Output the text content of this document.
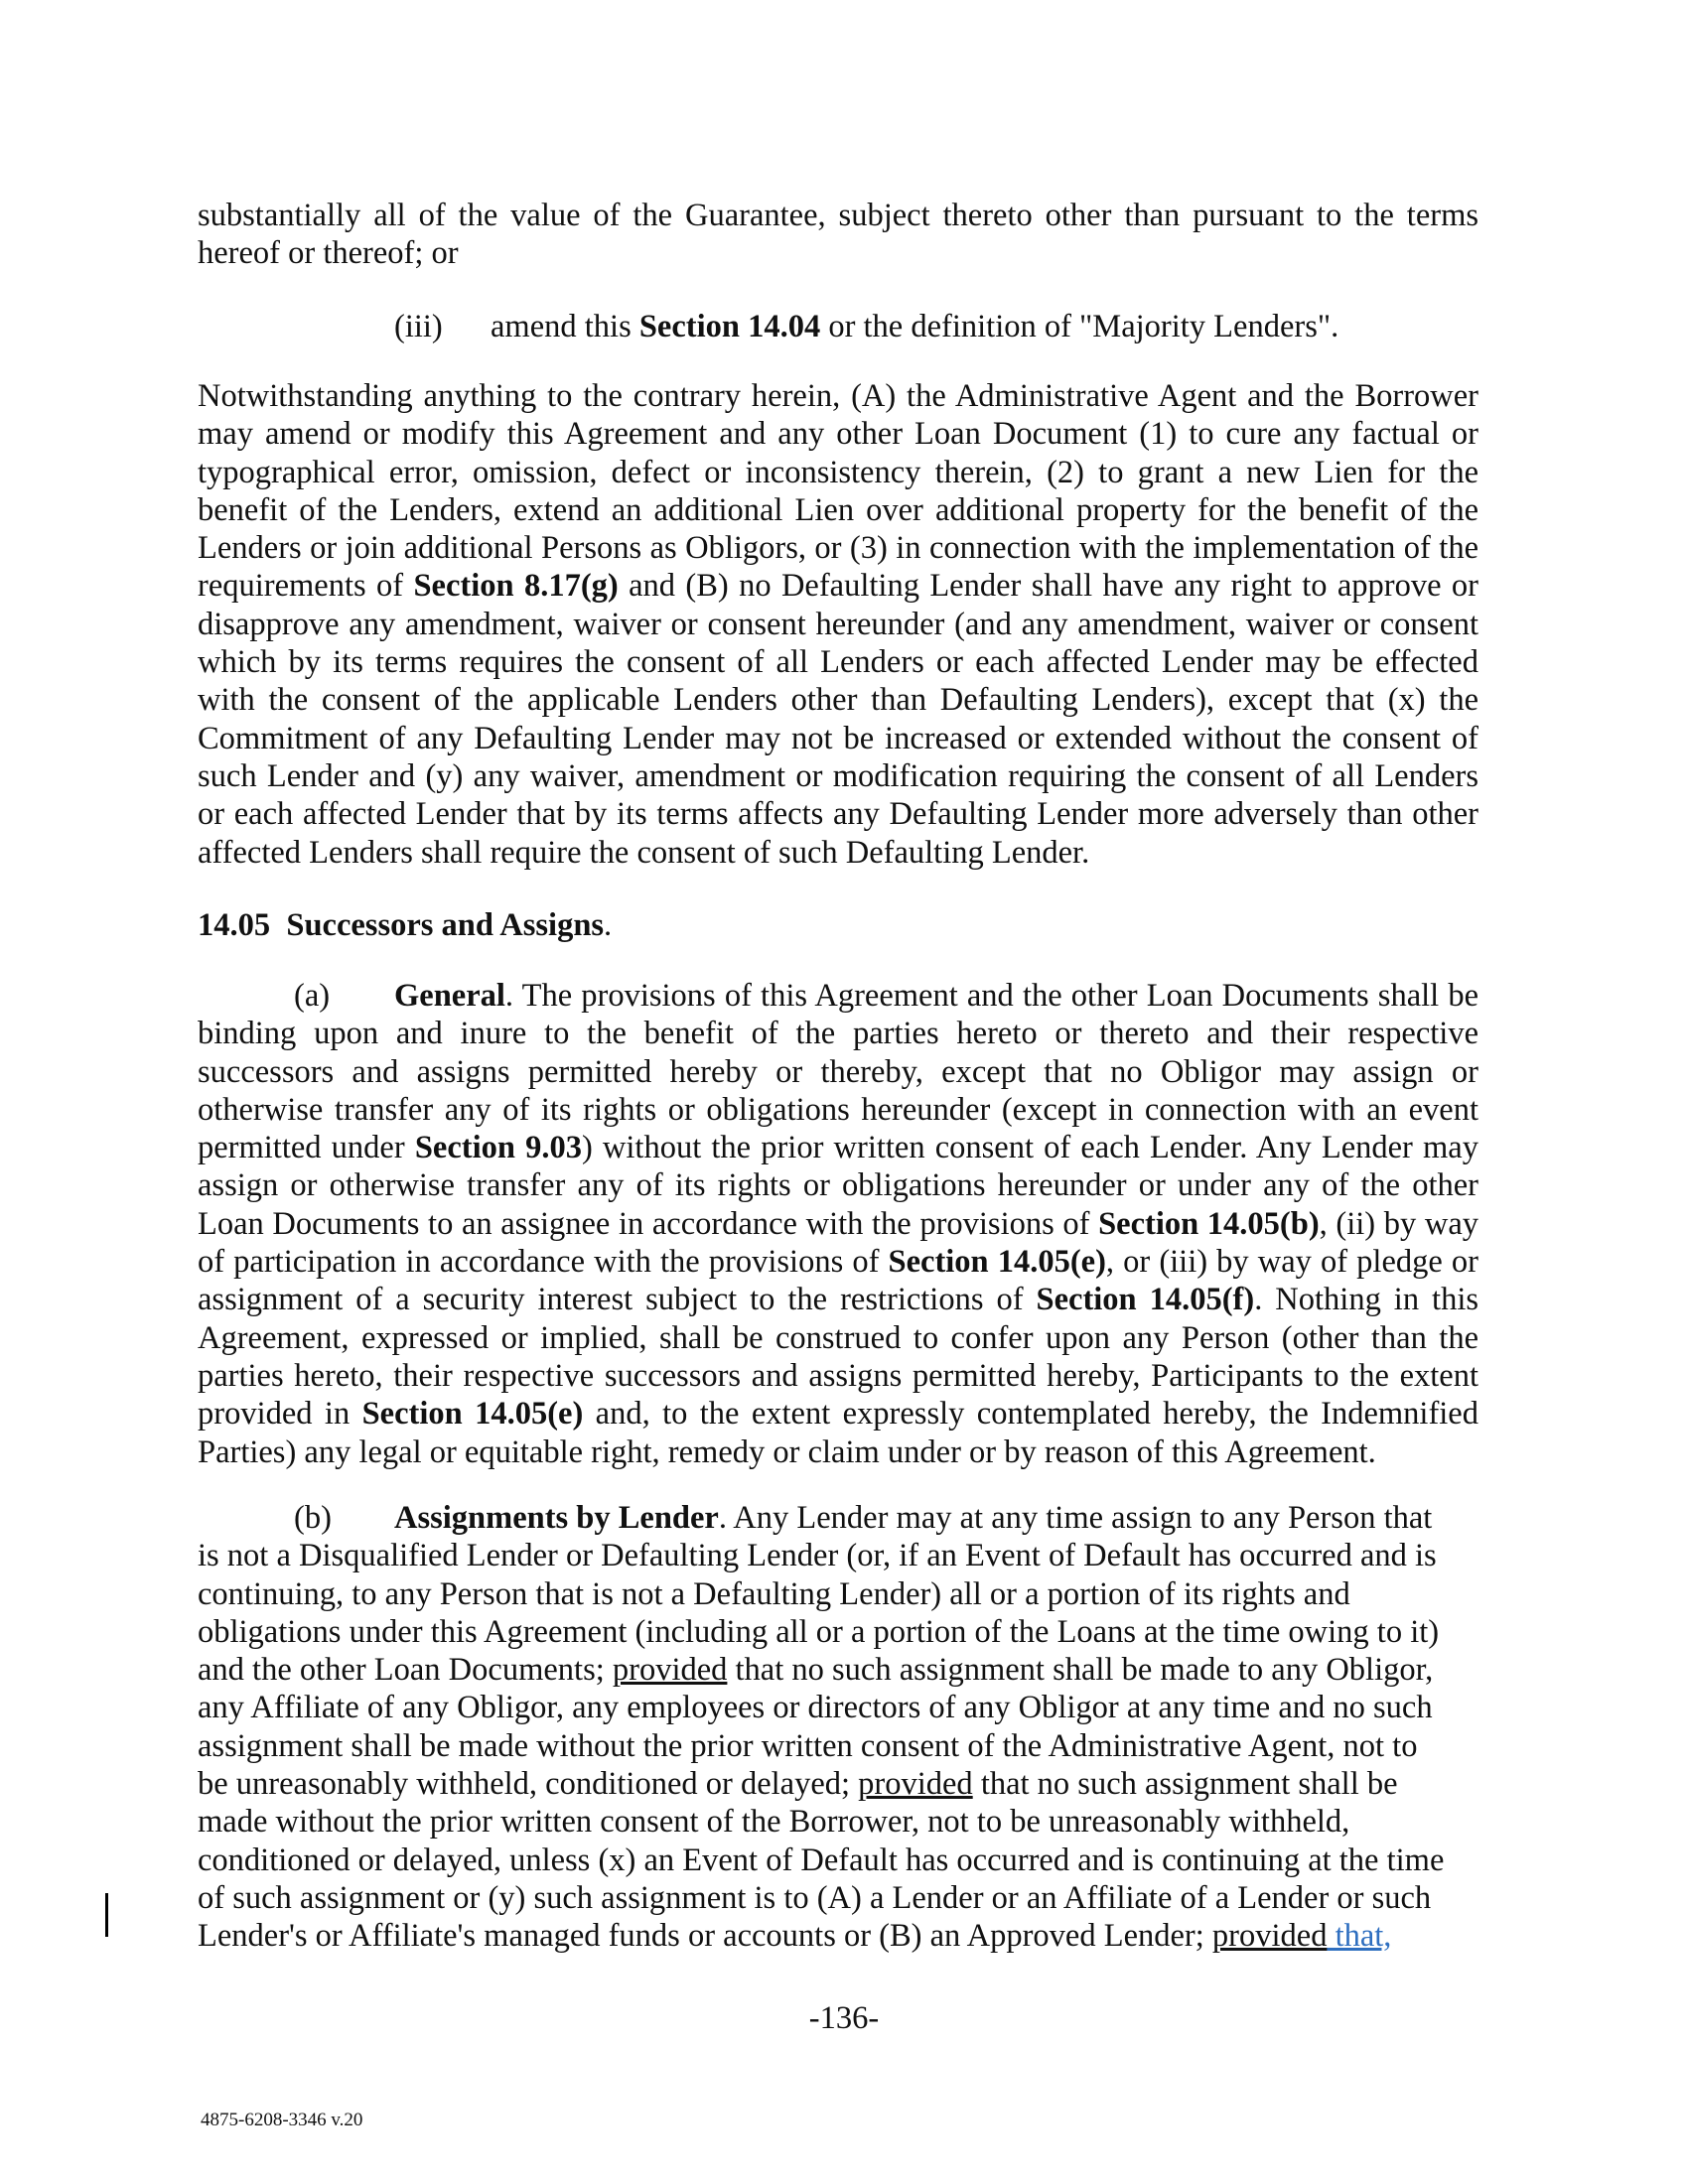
substantially all of the value of the Guarantee, subject thereto other than pursuant to the terms
hereof or thereof; or

(iii) amend this Section 14.04 or the definition of "Majority Lenders".

Notwithstanding anything to the contrary herein, (A) the Administrative Agent and the Borrower may amend or modify this Agreement and any other Loan Document (1) to cure any factual or typographical error, omission, defect or inconsistency therein, (2) to grant a new Lien for the benefit of the Lenders, extend an additional Lien over additional property for the benefit of the Lenders or join additional Persons as Obligors, or (3) in connection with the implementation of the requirements of Section 8.17(g) and (B) no Defaulting Lender shall have any right to approve or disapprove any amendment, waiver or consent hereunder (and any amendment, waiver or consent which by its terms requires the consent of all Lenders or each affected Lender may be effected with the consent of the applicable Lenders other than Defaulting Lenders), except that (x) the Commitment of any Defaulting Lender may not be increased or extended without the consent of such Lender and (y) any waiver, amendment or modification requiring the consent of all Lenders or each affected Lender that by its terms affects any Defaulting Lender more adversely than other affected Lenders shall require the consent of such Defaulting Lender.

14.05 Successors and Assigns.

(a) General. The provisions of this Agreement and the other Loan Documents shall be binding upon and inure to the benefit of the parties hereto or thereto and their respective successors and assigns permitted hereby or thereby, except that no Obligor may assign or otherwise transfer any of its rights or obligations hereunder (except in connection with an event permitted under Section 9.03) without the prior written consent of each Lender. Any Lender may assign or otherwise transfer any of its rights or obligations hereunder or under any of the other Loan Documents to an assignee in accordance with the provisions of Section 14.05(b), (ii) by way of participation in accordance with the provisions of Section 14.05(e), or (iii) by way of pledge or assignment of a security interest subject to the restrictions of Section 14.05(f). Nothing in this Agreement, expressed or implied, shall be construed to confer upon any Person (other than the parties hereto, their respective successors and assigns permitted hereby, Participants to the extent provided in Section 14.05(e) and, to the extent expressly contemplated hereby, the Indemnified Parties) any legal or equitable right, remedy or claim under or by reason of this Agreement.

(b) Assignments by Lender. Any Lender may at any time assign to any Person that
is not a Disqualified Lender or Defaulting Lender (or, if an Event of Default has occurred and is
continuing, to any Person that is not a Defaulting Lender) all or a portion of its rights and
obligations under this Agreement (including all or a portion of the Loans at the time owing to it)
and the other Loan Documents; provided that no such assignment shall be made to any Obligor,
any Affiliate of any Obligor, any employees or directors of any Obligor at any time and no such
assignment shall be made without the prior written consent of the Administrative Agent, not to
be unreasonably withheld, conditioned or delayed; provided that no such assignment shall be
made without the prior written consent of the Borrower, not to be unreasonably withheld,
conditioned or delayed, unless (x) an Event of Default has occurred and is continuing at the time
of such assignment or (y) such assignment is to (A) a Lender or an Affiliate of a Lender or such
Lender's or Affiliate's managed funds or accounts or (B) an Approved Lender; provided that,

-136-
4875-6208-3346 v.20
